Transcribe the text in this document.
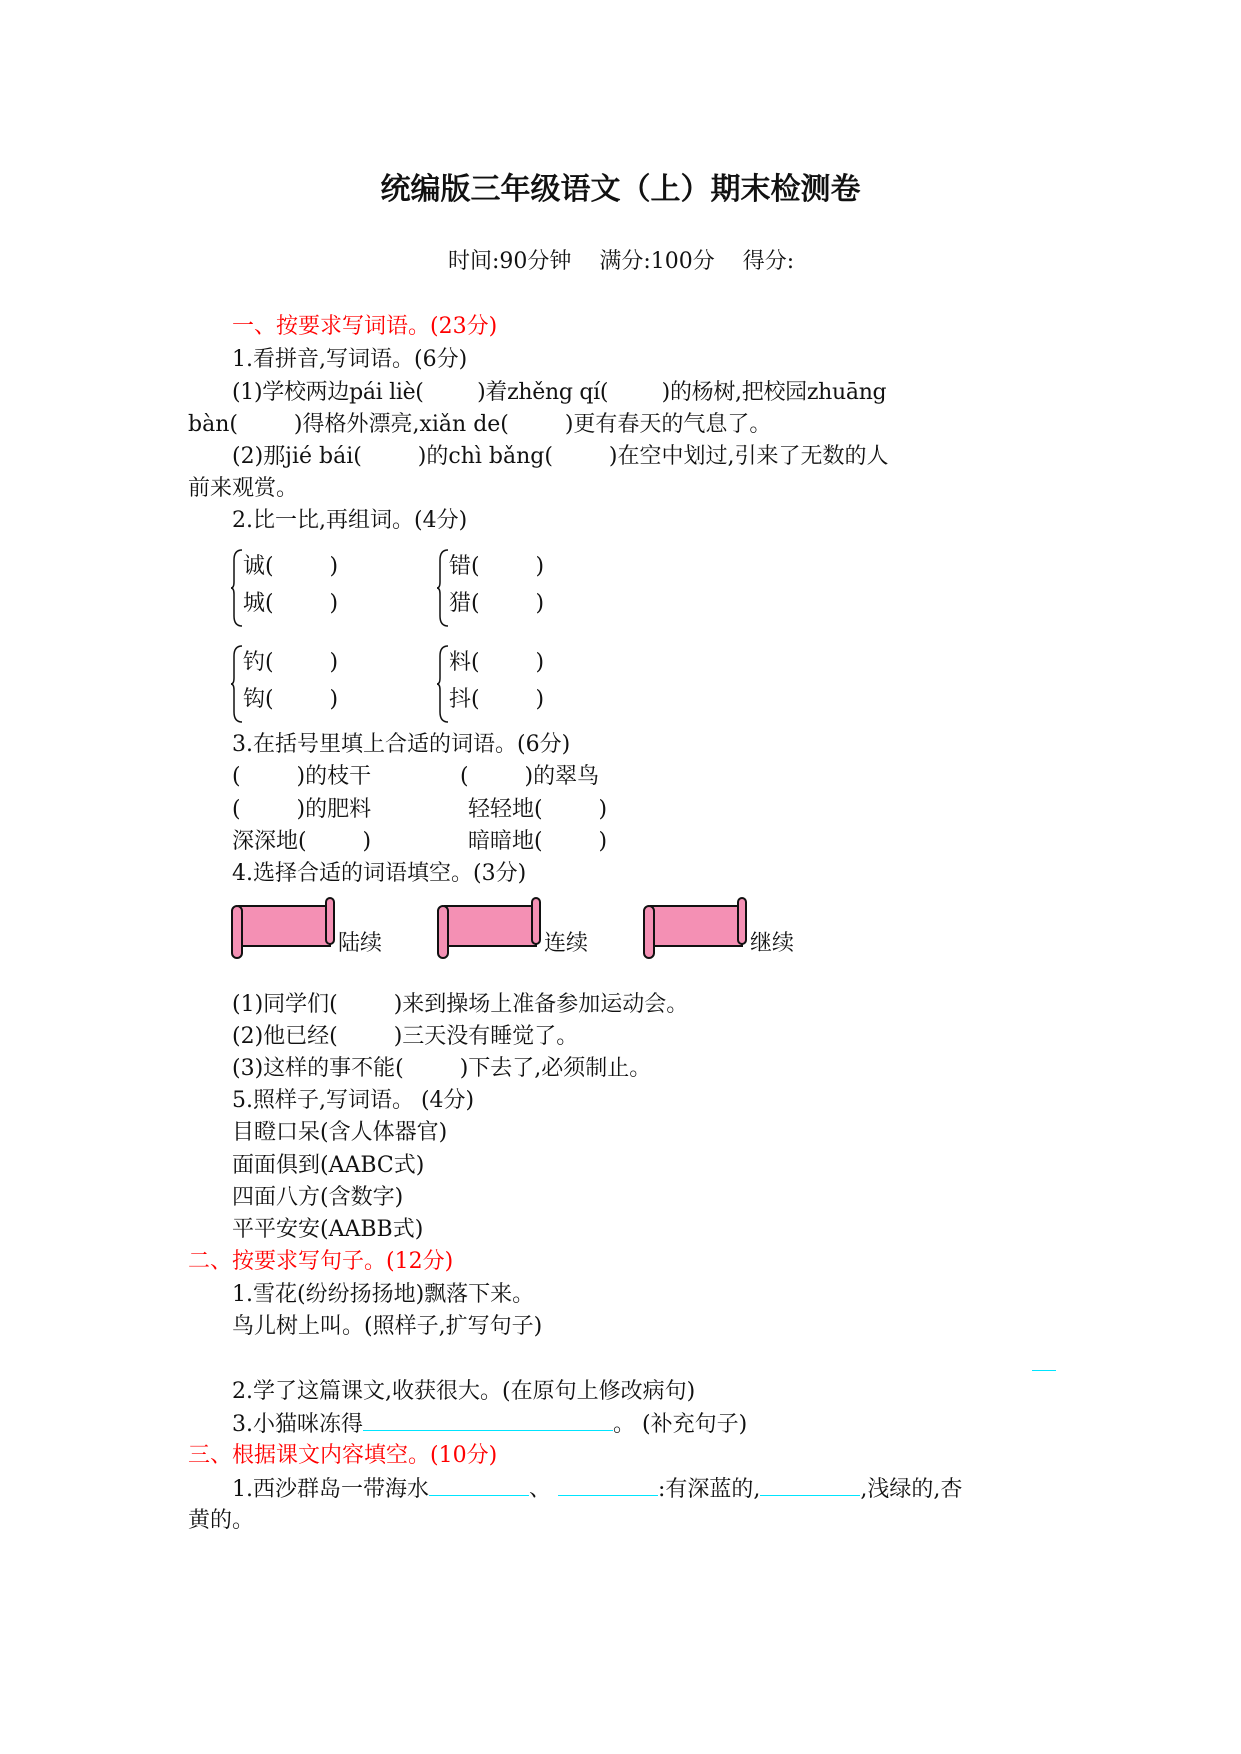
统编版三年级语文（上）期末检测卷
时间:90分钟    满分:100分    得分:
一、按要求写词语。(23分)
1.看拼音,写词语。(6分)
(1)学校两边pái liè(        )着zhěng qí(        )的杨树,把校园zhuāng
bàn(        )得格外漂亮,xiǎn de(        )更有春天的气息了。
(2)那jié bái(        )的chì bǎng(        )在空中划过,引来了无数的人
前来观赏。
2.比一比,再组词。(4分)
诚(        )
城(        )
错(        )
猎(        )
钓(        )
钩(        )
料(        )
抖(        )
3.在括号里填上合适的词语。(6分)
(        )的枝干	(        )的翠鸟
(        )的肥料	轻轻地(        )
深深地(        )	暗暗地(        )
4.选择合适的词语填空。(3分)
陆续	连续	继续
(1)同学们(        )来到操场上准备参加运动会。
(2)他已经(        )三天没有睡觉了。
(3)这样的事不能(        )下去了,必须制止。
5.照样子,写词语。 (4分)
目瞪口呆(含人体器官)
面面俱到(AABC式)
四面八方(含数字)
平平安安(AABB式)
二、按要求写句子。(12分)
1.雪花(纷纷扬扬地)飘落下来。
鸟儿树上叫。(照样子,扩写句子)
2.学了这篇课文,收获很大。(在原句上修改病句)
3.小猫咪冻得	。 (补充句子)
三、根据课文内容填空。(10分)
1.西沙群岛一带海水	、	:有深蓝的,	,浅绿的,杏
黄的。
